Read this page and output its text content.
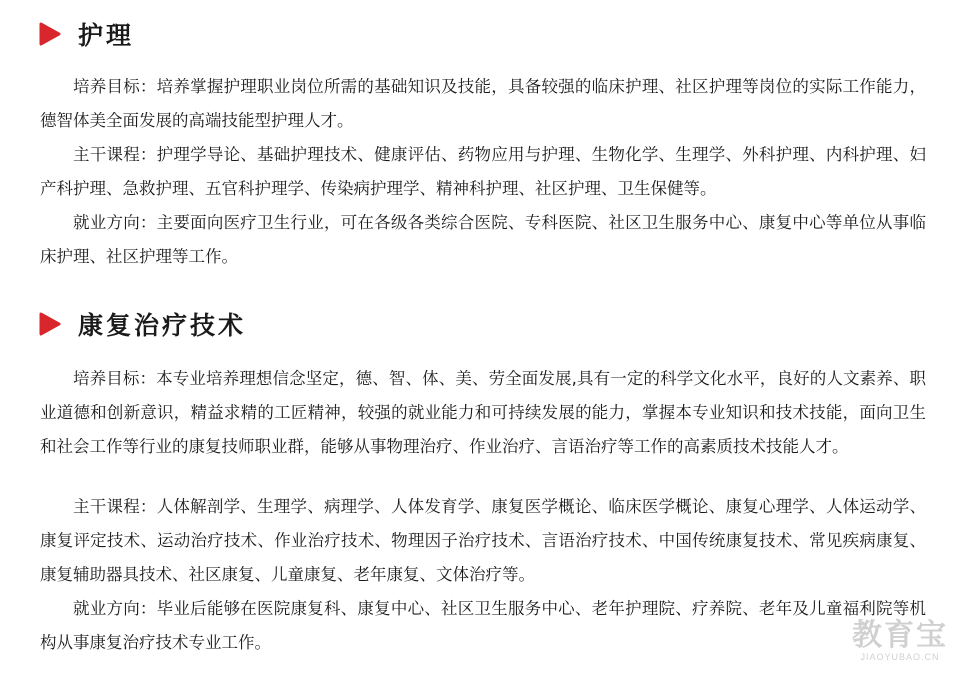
护理

培养目标：培养掌握护理职业岗位所需的基础知识及技能，具备较强的临床护理、社区护理等岗位的实际工作能力，德智体美全面发展的高端技能型护理人才。

主干课程：护理学导论、基础护理技术、健康评估、药物应用与护理、生物化学、生理学、外科护理、内科护理、妇产科护理、急救护理、五官科护理学、传染病护理学、精神科护理、社区护理、卫生保健等。

就业方向：主要面向医疗卫生行业，可在各级各类综合医院、专科医院、社区卫生服务中心、康复中心等单位从事临床护理、社区护理等工作。

康复治疗技术

培养目标：本专业培养理想信念坚定，德、智、体、美、劳全面发展,具有一定的科学文化水平，良好的人文素养、职业道德和创新意识，精益求精的工匠精神，较强的就业能力和可持续发展的能力，掌握本专业知识和技术技能，面向卫生和社会工作等行业的康复技师职业群，能够从事物理治疗、作业治疗、言语治疗等工作的高素质技术技能人才。

主干课程：人体解剖学、生理学、病理学、人体发育学、康复医学概论、临床医学概论、康复心理学、人体运动学、康复评定技术、运动治疗技术、作业治疗技术、物理因子治疗技术、言语治疗技术、中国传统康复技术、常见疾病康复、康复辅助器具技术、社区康复、儿童康复、老年康复、文体治疗等。

就业方向：毕业后能够在医院康复科、康复中心、社区卫生服务中心、老年护理院、疗养院、老年及儿童福利院等机构从事康复治疗技术专业工作。	教育宝
JIAOYUBAO.CN
